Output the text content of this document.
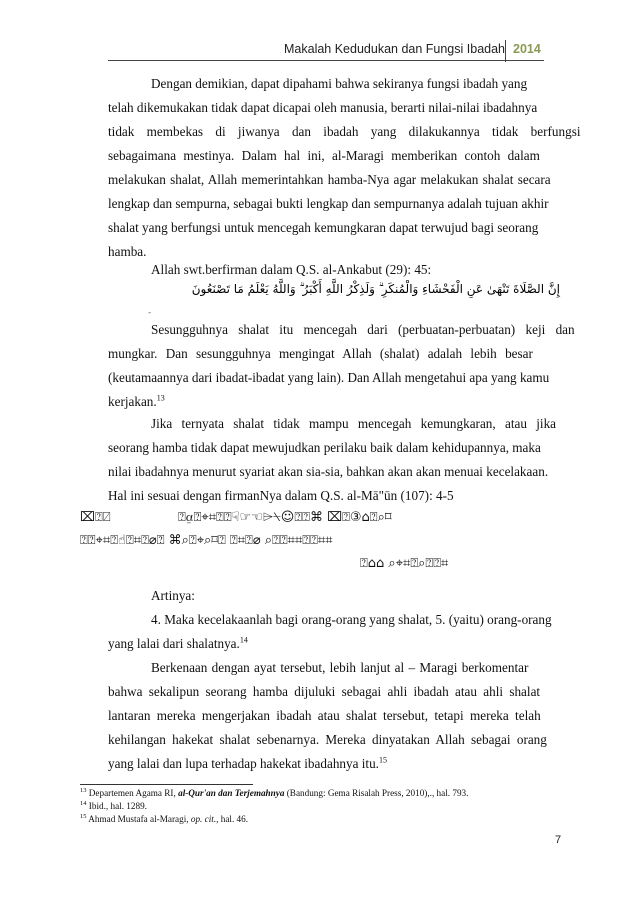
Makalah Kedudukan dan Fungsi Ibadah 2014
Dengan demikian, dapat dipahami bahwa sekiranya fungsi ibadah yang
telah dikemukakan tidak dapat dicapai oleh manusia, berarti nilai-nilai ibadahnya
tidak membekas di jiwanya dan ibadah yang dilakukannya tidak berfungsi
sebagaimana mestinya. Dalam hal ini, al-Maragi memberikan contoh dalam
melakukan shalat, Allah memerintahkan hamba-Nya agar melakukan shalat secara
lengkap dan sempurna, sebagai bukti lengkap dan sempurnanya adalah tujuan akhir
shalat yang berfungsi untuk mencegah kemungkaran dapat terwujud bagi seorang
hamba.
Allah swt.berfirman dalam Q.S. al-Ankabut (29): 45:
إِنَّ الصَّلَاةَ تَنْهَىٰ عَنِ الْفَحْشَاءِ وَالْمُنكَرِ ۗ وَلَذِكْرُ اللَّهِ أَكْبَرُ ۗ وَاللَّهُ يَعْلَمُ مَا تَصْنَعُونَ
-
Sesungguhnya shalat itu mencegah dari (perbuatan-perbuatan) keji dan
mungkar. Dan sesungguhnya mengingat Allah (shalat) adalah lebih besar
(keutamaannya dari ibadat-ibadat yang lain). Dan Allah mengetahui apa yang kamu
kerjakan.$^{13}$
Jika ternyata shalat tidak mampu mencegah kemungkaran, atau jika
seorang hamba tidak dapat mewujudkan perilaku baik dalam kehidupannya, maka
nilai ibadahnya menurut syariat akan sia-sia, bahkan akan akan menuai kecelakaan.
Hal ini sesuai dengan firmanNya dalam Q.S. al-Mā"ūn (107): 4-5
⌧⍰⍁	⍰⍶⍰⌖⌗⍰⍰☟☞☜⌲⍀☺⍰⍰⌘ ⌧⍰③⌂⍰⌕⌑
⍰⍰⌖⌗⍰☝⍰⌗⍰⌀⍰ ⌘⌕⍰⌖⌕⌑⍰ ⍰⌗⍰⌀ ⌕⍰⍰⌗⌗⍰⍰⌗⌗
⍰⌂⌂ ⌕⌖⌗⍰⌕⍰⍰⌗
Artinya:
4. Maka kecelakaanlah bagi orang-orang yang shalat, 5. (yaitu) orang-orang
yang lalai dari shalatnya.$^{14}$
Berkenaan dengan ayat tersebut, lebih lanjut al – Maragi berkomentar
bahwa sekalipun seorang hamba dijuluki sebagai ahli ibadah atau ahli shalat
lantaran mereka mengerjakan ibadah atau shalat tersebut, tetapi mereka telah
kehilangan hakekat shalat sebenarnya. Mereka dinyatakan Allah sebagai orang
yang lalai dan lupa terhadap hakekat ibadahnya itu.$^{15}$
$^{13}$ Departemen Agama RI, al-Qur'an dan Terjemahnya (Bandung: Gema Risalah Press, 2010),., hal. 793.
$^{14}$ Ibid., hal. 1289.
$^{15}$ Ahmad Mustafa al-Maragi, op. cit., hal. 46.
7
